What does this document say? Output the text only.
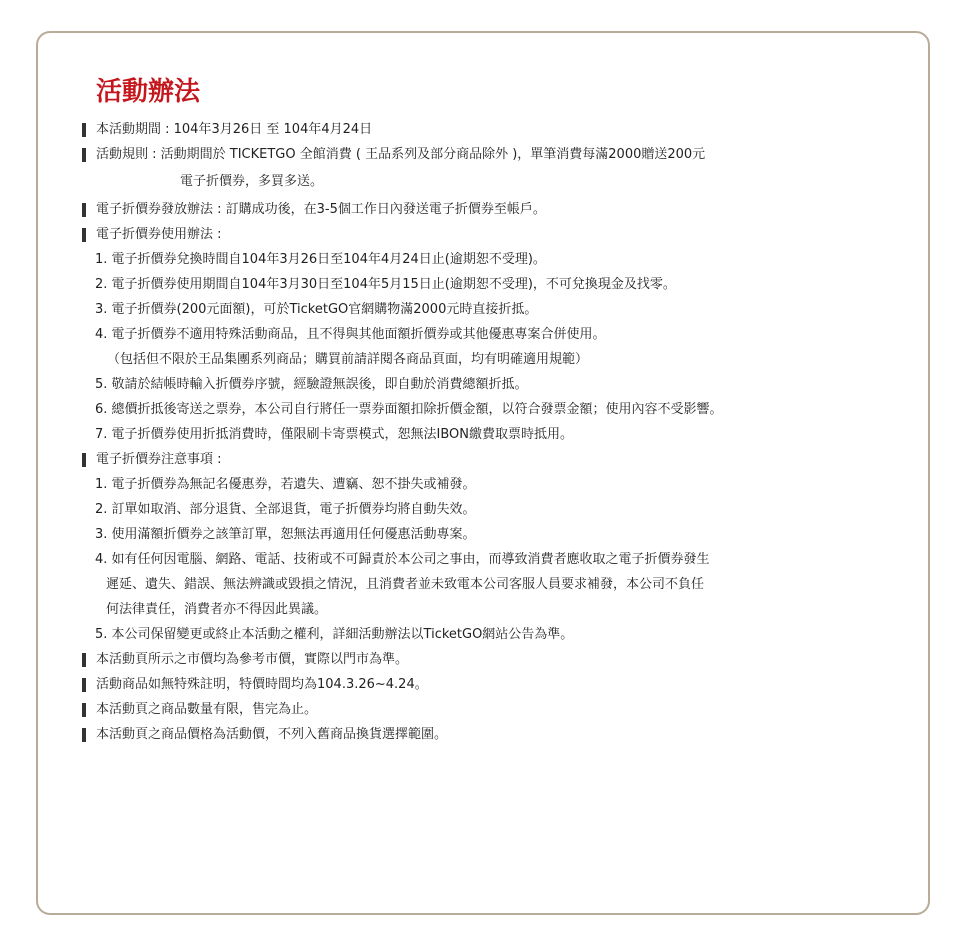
活動辦法
本活動期間 : 104年3月26日 至 104年4月24日
活動規則 : 活動期間於 TICKETGO 全館消費 ( 王品系列及部分商品除外 )，單筆消費每滿2000贈送200元
電子折價券，多買多送。
電子折價券發放辦法 : 訂購成功後，在3-5個工作日內發送電子折價券至帳戶。
電子折價券使用辦法 :
1. 電子折價券兌換時間自104年3月26日至104年4月24日止(逾期恕不受理)。
2. 電子折價券使用期間自104年3月30日至104年5月15日止(逾期恕不受理)，不可兌換現金及找零。
3. 電子折價券(200元面額)，可於TicketGO官網購物滿2000元時直接折抵。
4. 電子折價券不適用特殊活動商品，且不得與其他面額折價券或其他優惠專案合併使用。
（包括但不限於王品集團系列商品；購買前請詳閱各商品頁面，均有明確適用規範）
5. 敬請於結帳時輸入折價券序號，經驗證無誤後，即自動於消費總額折抵。
6. 總價折抵後寄送之票券，本公司自行將任一票券面額扣除折價金額，以符合發票金額；使用內容不受影響。
7. 電子折價券使用折抵消費時，僅限刷卡寄票模式，恕無法IBON繳費取票時抵用。
電子折價券注意事項 :
1. 電子折價券為無記名優惠券，若遺失、遭竊、恕不掛失或補發。
2. 訂單如取消、部分退貨、全部退貨，電子折價券均將自動失效。
3. 使用滿額折價券之該筆訂單，恕無法再適用任何優惠活動專案。
4. 如有任何因電腦、網路、電話、技術或不可歸責於本公司之事由，而導致消費者應收取之電子折價券發生
遲延、遺失、錯誤、無法辨識或毀損之情況，且消費者並未致電本公司客服人員要求補發，本公司不負任
何法律責任，消費者亦不得因此異議。
5. 本公司保留變更或終止本活動之權利，詳細活動辦法以TicketGO網站公告為準。
本活動頁所示之市價均為參考市價，實際以門市為準。
活動商品如無特殊註明，特價時間均為104.3.26~4.24。
本活動頁之商品數量有限，售完為止。
本活動頁之商品價格為活動價，不列入舊商品換貨選擇範圍。
